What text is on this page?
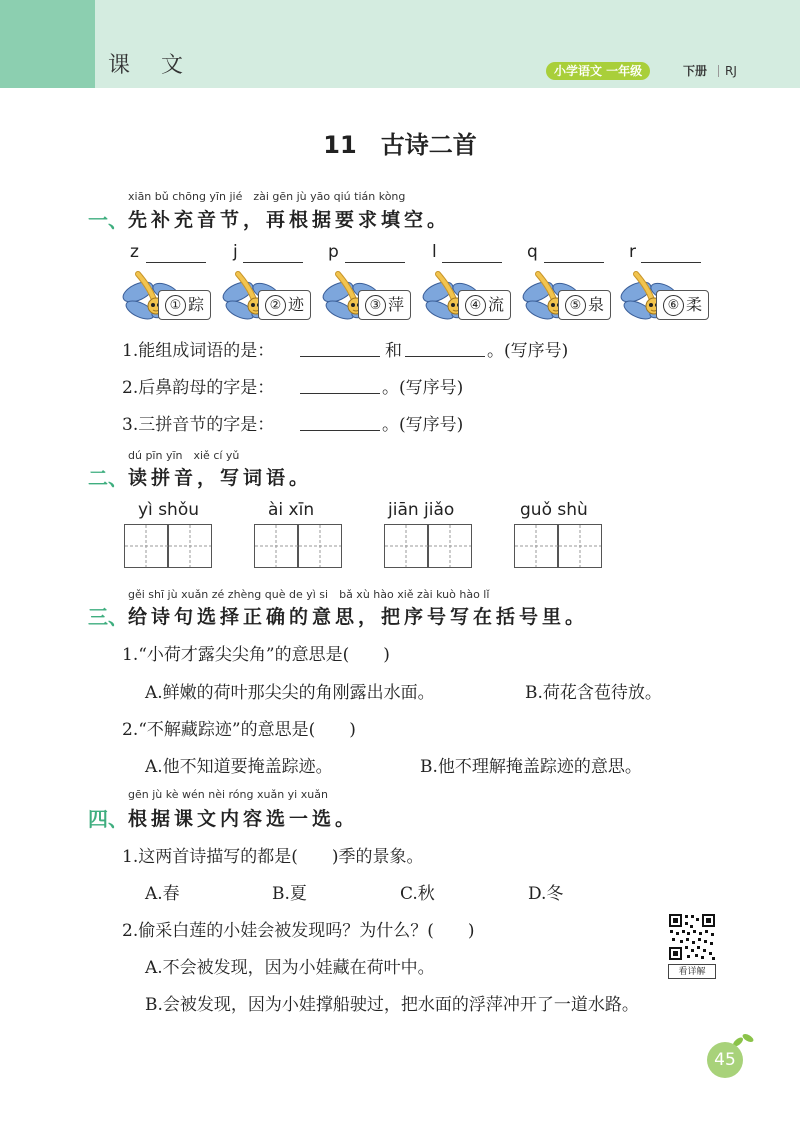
课 文	小学语文 一年级	下册 RJ
11　古诗二首
xiān bǔ chōng yīn jié　zài gēn jù yāo qiú tián kòng
一、 先补充音节，再根据要求填空。
z	j	p	l	q	r
① 踪	② 迹	③ 萍	④ 流	⑤ 泉	⑥ 柔
1.能组成词语的是：	和	。(写序号)
2.后鼻韵母的字是：	。(写序号)
3.三拼音节的字是：	。(写序号)
dú pīn yīn　xiě cí yǔ
二、 读拼音，写词语。
yì shǒu	ài xīn	jiān jiǎo	guǒ shù
gěi shī jù xuǎn zé zhèng què de yì si　bǎ xù hào xiě zài kuò hào lǐ
三、 给诗句选择正确的意思，把序号写在括号里。
1.“小荷才露尖尖角”的意思是(　　)
A.鲜嫩的荷叶那尖尖的角刚露出水面。	B.荷花含苞待放。
2.“不解藏踪迹”的意思是(　　)
A.他不知道要掩盖踪迹。	B.他不理解掩盖踪迹的意思。
gēn jù kè wén nèi róng xuǎn yi xuǎn
四、 根据课文内容选一选。
1.这两首诗描写的都是(　　)季的景象。
A.春	B.夏	C.秋	D.冬
2.偷采白莲的小娃会被发现吗？为什么？(　　)
A.不会被发现，因为小娃藏在荷叶中。
B.会被发现，因为小娃撑船驶过，把水面的浮萍冲开了一道水路。
看详解
45
